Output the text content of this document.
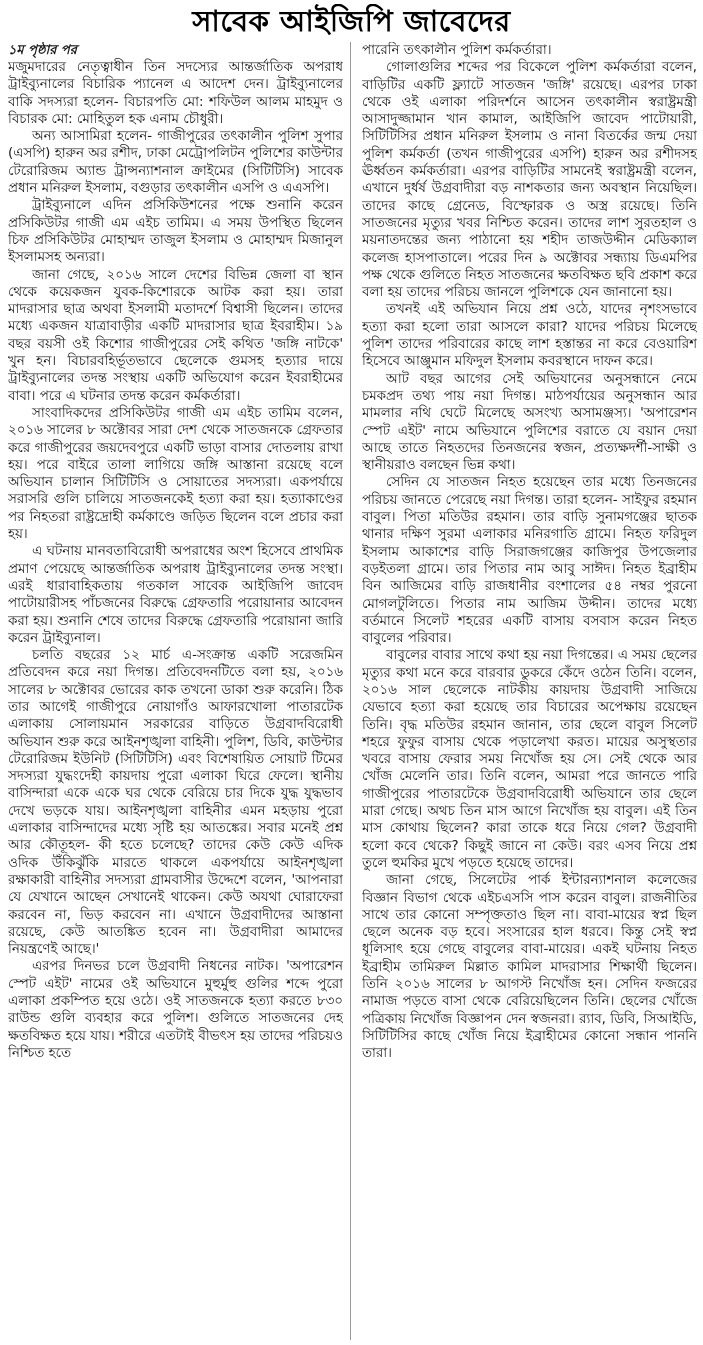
সাবেক আইজিপি জাবেদের
১ম পৃষ্ঠার পর

মজুমদারের নেতৃত্বাধীন তিন সদস্যের আন্তর্জাতিক অপরাধ ট্রাইব্যুনালের বিচারিক প্যানেল এ আদেশ দেন। ট্রাইব্যুনালের বাকি সদস্যরা হলেন- বিচারপতি মো: শফিউল আলম মাহমুদ ও বিচারক মো: মোহিতুল হক এনাম চৌধুরী।

অন্য আসামিরা হলেন- গাজীপুরের তৎকালীন পুলিশ সুপার (এসপি) হারুন অর রশীদ, ঢাকা মেট্রোপলিটন পুলিশের কাউন্টার টেরোরিজম অ্যান্ড ট্রান্সন্যাশনাল ক্রাইমের (সিটিটিসি) সাবেক প্রধান মনিরুল ইসলাম, বগুড়ার তৎকালীন এসপি ও এএসপি।

ট্রাইব্যুনালে এদিন প্রসিকিউশনের পক্ষে শুনানি করেন প্রসিকিউটর গাজী এম এইচ তামিম। এ সময় উপস্থিত ছিলেন চিফ প্রসিকিউটর মোহাম্মদ তাজুল ইসলাম ও মোহাম্মদ মিজানুল ইসলামসহ অন্যরা।

জানা গেছে, ২০১৬ সালে দেশের বিভিন্ন জেলা বা স্থান থেকে কয়েকজন যুবক-কিশোরকে আটক করা হয়। তারা মাদরাসার ছাত্র অথবা ইসলামী মতাদর্শে বিশ্বাসী ছিলেন। তাদের মধ্যে একজন যাত্রাবাড়ীর একটি মাদরাসার ছাত্র ইবরাহীম। ১৯ বছর বয়সী ওই কিশোর গাজীপুরের সেই কথিত 'জঙ্গি নাটকে' খুন হন। বিচারবহির্ভূতভাবে ছেলেকে গুমসহ হত্যার দায়ে ট্রাইব্যুনালের তদন্ত সংস্থায় একটি অভিযোগ করেন ইবরাহীমের বাবা। পরে এ ঘটনার তদন্ত করেন কর্মকর্তারা।

সাংবাদিকদের প্রসিকিউটর গাজী এম এইচ তামিম বলেন, ২০১৬ সালের ৮ অক্টোবর সারা দেশ থেকে সাতজনকে গ্রেফতার করে গাজীপুরের জয়দেবপুরে একটি ভাড়া বাসার দোতলায় রাখা হয়। পরে বাইরে তালা লাগিয়ে জঙ্গি আস্তানা রয়েছে বলে অভিযান চালান সিটিটিসি ও সোয়াতের সদস্যরা। একপর্যায়ে সরাসরি গুলি চালিয়ে সাতজনকেই হত্যা করা হয়। হত্যাকাণ্ডের পর নিহতরা রাষ্ট্রদ্রোহী কর্মকাণ্ডে জড়িত ছিলেন বলে প্রচার করা হয়।

এ ঘটনায় মানবতাবিরোধী অপরাধের অংশ হিসেবে প্রাথমিক প্রমাণ পেয়েছে আন্তর্জাতিক অপরাধ ট্রাইব্যুনালের তদন্ত সংস্থা। এরই ধারাবাহিকতায় গতকাল সাবেক আইজিপি জাবেদ পাটোয়ারীসহ পাঁচজনের বিরুদ্ধে গ্রেফতারি পরোয়ানার আবেদন করা হয়। শুনানি শেষে তাদের বিরুদ্ধে গ্রেফতারি পরোয়ানা জারি করেন ট্রাইব্যুনাল।

চলতি বছরের ১২ মার্চ এ-সংক্রান্ত একটি সরেজমিন প্রতিবেদন করে নয়া দিগন্ত। প্রতিবেদনটিতে বলা হয়, ২০১৬ সালের ৮ অক্টোবর ভোরের কাক তখনো ডাকা শুরু করেনি। ঠিক তার আগেই গাজীপুরে নোয়াগাঁও আফারখোলা পাতারটেক এলাকায় সোলায়মান সরকারের বাড়িতে উগ্রবাদবিরোধী অভিযান শুরু করে আইনশৃঙ্খলা বাহিনী। পুলিশ, ডিবি, কাউন্টার টেরোরিজম ইউনিট (সিটিটিসি) এবং বিশেষায়িত সোয়াট টিমের সদস্যরা যুদ্ধংদেহী কায়দায় পুরো এলাকা ঘিরে ফেলে। স্থানীয় বাসিন্দারা একে একে ঘর থেকে বেরিয়ে চার দিকে যুদ্ধ যুদ্ধভাব দেখে ভড়কে যায়। আইনশৃঙ্খলা বাহিনীর এমন মহড়ায় পুরো এলাকার বাসিন্দাদের মধ্যে সৃষ্টি হয় আতঙ্কের। সবার মনেই প্রশ্ন আর কৌতূহল- কী হতে চলেছে? তাদের কেউ কেউ এদিক ওদিক উঁকিঝুঁকি মারতে থাকলে একপর্যায়ে আইনশৃঙ্খলা রক্ষাকারী বাহিনীর সদস্যরা গ্রামবাসীর উদ্দেশে বলেন, 'আপনারা যে যেখানে আছেন সেখানেই থাকেন। কেউ অযথা ঘোরাফেরা করবেন না, ভিড় করবেন না। এখানে উগ্রবাদীদের আস্তানা রয়েছে, কেউ আতঙ্কিত হবেন না। উগ্রবাদীরা আমাদের নিয়ন্ত্রণেই আছে।'

এরপর দিনভর চলে উগ্রবাদী নিধনের নাটক। 'অপারেশন স্পেট এইট' নামের ওই অভিযানে মুহুর্মুহু গুলির শব্দে পুরো এলাকা প্রকম্পিত হয়ে ওঠে। ওই সাতজনকে হত্যা করতে ৮৩০ রাউন্ড গুলি ব্যবহার করে পুলিশ। গুলিতে সাতজনের দেহ ক্ষতবিক্ষত হয়ে যায়। শরীরে এতটাই বীভৎস হয় তাদের পরিচয়ও নিশ্চিত হতে

পারেনি তৎকালীন পুলিশ কর্মকর্তারা।

গোলাগুলির শব্দের পর বিকেলে পুলিশ কর্মকর্তারা বলেন, বাড়িটির একটি ফ্ল্যাটে সাতজন 'জঙ্গি' রয়েছে। এরপর ঢাকা থেকে ওই এলাকা পরিদর্শনে আসেন তৎকালীন স্বরাষ্ট্রমন্ত্রী আসাদুজ্জামান খান কামাল, আইজিপি জাবেদ পাটোয়ারী, সিটিটিসির প্রধান মনিরুল ইসলাম ও নানা বিতর্কের জন্ম দেয়া পুলিশ কর্মকর্তা (তখন গাজীপুরের এসপি) হারুন অর রশীদসহ ঊর্ধ্বতন কর্মকর্তারা। এরপর বাড়িটির সামনেই স্বরাষ্ট্রমন্ত্রী বলেন, এখানে দুর্ধর্ষ উগ্রবাদীরা বড় নাশকতার জন্য অবস্থান নিয়েছিল। তাদের কাছে গ্রেনেড, বিস্ফোরক ও অস্ত্র রয়েছে। তিনি সাতজনের মৃত্যুর খবর নিশ্চিত করেন। তাদের লাশ সুরতহাল ও ময়নাতদন্তের জন্য পাঠানো হয় শহীদ তাজউদ্দীন মেডিক্যাল কলেজ হাসপাতালে। পরের দিন ৯ অক্টোবর সন্ধ্যায় ডিএমপির পক্ষ থেকে গুলিতে নিহত সাতজনের ক্ষতবিক্ষত ছবি প্রকাশ করে বলা হয় তাদের পরিচয় জানলে পুলিশকে যেন জানানো হয়।

তখনই এই অভিযান নিয়ে প্রশ্ন ওঠে, যাদের নৃশংসভাবে হত্যা করা হলো তারা আসলে কারা? যাদের পরিচয় মিলেছে পুলিশ তাদের পরিবারের কাছে লাশ হস্তান্তর না করে বেওয়ারিশ হিসেবে আঞ্জুমান মফিদুল ইসলাম কবরস্থানে দাফন করে।

আট বছর আগের সেই অভিযানের অনুসন্ধানে নেমে চমকপ্রদ তথ্য পায় নয়া দিগন্ত। মাঠপর্যায়ের অনুসন্ধান আর মামলার নথি ঘেটে মিলেছে অসংখ্য অসামঞ্জস্য। 'অপারেশন স্পেট এইট' নামে অভিযানে পুলিশের বরাতে যে বয়ান দেয়া আছে তাতে নিহতদের তিনজনের স্বজন, প্রত্যক্ষদর্শী-সাক্ষী ও স্থানীয়রাও বলছেন ভিন্ন কথা।

সেদিন যে সাতজন নিহত হয়েছেন তার মধ্যে তিনজনের পরিচয় জানতে পেরেছে নয়া দিগন্ত। তারা হলেন- সাইফুর রহমান বাবুল। পিতা মতিউর রহমান। তার বাড়ি সুনামগঞ্জের ছাতক থানার দক্ষিণ সুরমা এলাকার মনিরগাতি গ্রামে। নিহত ফরিদুল ইসলাম আকাশের বাড়ি সিরাজগঞ্জের কাজিপুর উপজেলার বড়ইতলা গ্রামে। তার পিতার নাম আবু সাঈদ। নিহত ইব্রাহীম বিন আজিমের বাড়ি রাজধানীর বংশালের ৫৪ নম্বর পুরনো মোগলটুলিতে। পিতার নাম আজিম উদ্দীন। তাদের মধ্যে বর্তমানে সিলেট শহরের একটি বাসায় বসবাস করেন নিহত বাবুলের পরিবার।

বাবুলের বাবার সাথে কথা হয় নয়া দিগন্তের। এ সময় ছেলের মৃত্যুর কথা মনে করে বারবার ডুকরে কেঁদে ওঠেন তিনি। বলেন, ২০১৬ সাল ছেলেকে নাটকীয় কায়দায় উগ্রবাদী সাজিয়ে যেভাবে হত্যা করা হয়েছে তার বিচারের অপেক্ষায় রয়েছেন তিনি। বৃদ্ধ মতিউর রহমান জানান, তার ছেলে বাবুল সিলেট শহরে ফুফুর বাসায় থেকে পড়ালেখা করত। মায়ের অসুস্থতার খবরে বাসায় ফেরার সময় নিখোঁজ হয় সে। সেই থেকে আর খোঁজ মেলেনি তার। তিনি বলেন, আমরা পরে জানতে পারি গাজীপুরের পাতারটেকে উগ্রবাদবিরোধী অভিযানে তার ছেলে মারা গেছে। অথচ তিন মাস আগে নিখোঁজ হয় বাবুল। এই তিন মাস কোথায় ছিলেন? কারা তাকে ধরে নিয়ে গেল? উগ্রবাদী হলো কবে থেকে? কিছুই জানে না কেউ। বরং এসব নিয়ে প্রশ্ন তুলে হুমকির মুখে পড়তে হয়েছে তাদের।

জানা গেছে, সিলেটের পার্ক ইন্টারন্যাশনাল কলেজের বিজ্ঞান বিভাগ থেকে এইচএসসি পাস করেন বাবুল। রাজনীতির সাথে তার কোনো সম্পৃক্ততাও ছিল না। বাবা-মায়ের স্বপ্ন ছিল ছেলে অনেক বড় হবে। সংসারের হাল ধরবে। কিন্তু সেই স্বপ্ন ধূলিসাৎ হয়ে গেছে বাবুলের বাবা-মায়ের। একই ঘটনায় নিহত ইব্রাহীম তামিরুল মিল্লাত কামিল মাদরাসার শিক্ষার্থী ছিলেন। তিনি ২০১৬ সালের ৮ আগস্ট নিখোঁজ হন। সেদিন ফজরের নামাজ পড়তে বাসা থেকে বেরিয়েছিলেন তিনি। ছেলের খোঁজে পত্রিকায় নিখোঁজ বিজ্ঞাপন দেন স্বজনরা। র‌্যাব, ডিবি, সিআইডি, সিটিটিসির কাছে খোঁজ নিয়ে ইব্রাহীমের কোনো সন্ধান পাননি তারা।
